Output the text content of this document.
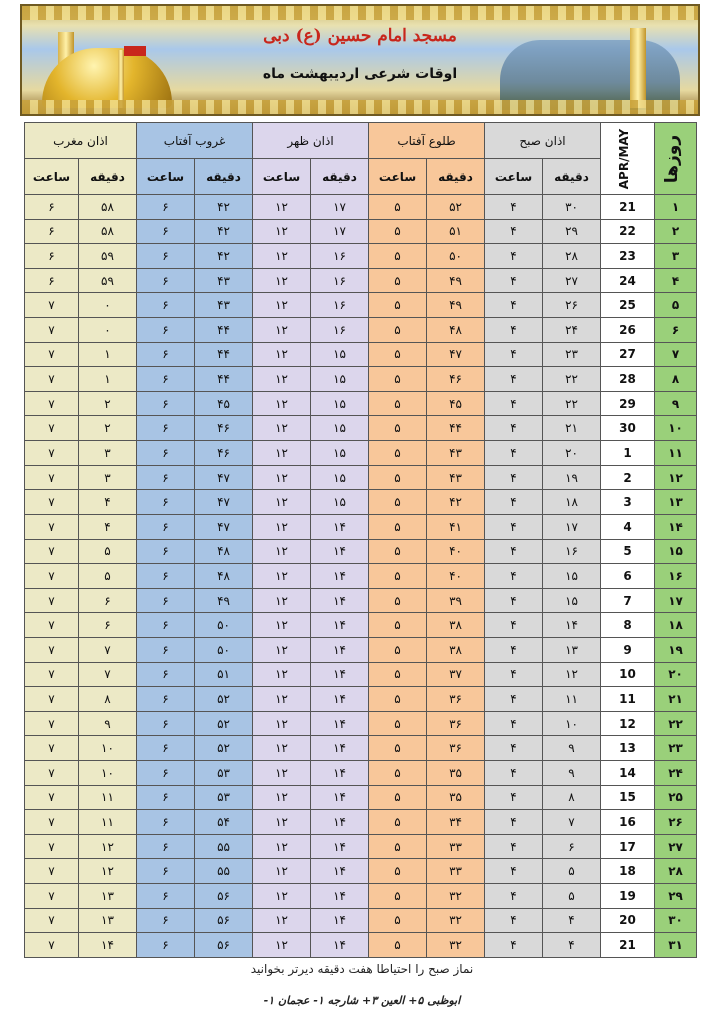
مسجد امام حسین (ع) دبی
اوقات شرعی اردیبهشت ماه
روزها	APR/MAY	اذان صبح		طلوع آفتاب		اذان ظهر		غروب آفتاب		اذان مغرب	
		دقیقه	ساعت	دقیقه	ساعت	دقیقه	ساعت	دقیقه	ساعت	دقیقه	ساعت
۱	21	۳۰	۴	۵۲	۵	۱۷	۱۲	۴۲	۶	۵۸	۶
۲	22	۲۹	۴	۵۱	۵	۱۷	۱۲	۴۲	۶	۵۸	۶
۳	23	۲۸	۴	۵۰	۵	۱۶	۱۲	۴۲	۶	۵۹	۶
۴	24	۲۷	۴	۴۹	۵	۱۶	۱۲	۴۳	۶	۵۹	۶
۵	25	۲۶	۴	۴۹	۵	۱۶	۱۲	۴۳	۶	۰	۷
۶	26	۲۴	۴	۴۸	۵	۱۶	۱۲	۴۴	۶	۰	۷
۷	27	۲۳	۴	۴۷	۵	۱۵	۱۲	۴۴	۶	۱	۷
۸	28	۲۲	۴	۴۶	۵	۱۵	۱۲	۴۴	۶	۱	۷
۹	29	۲۲	۴	۴۵	۵	۱۵	۱۲	۴۵	۶	۲	۷
۱۰	30	۲۱	۴	۴۴	۵	۱۵	۱۲	۴۶	۶	۲	۷
۱۱	1	۲۰	۴	۴۳	۵	۱۵	۱۲	۴۶	۶	۳	۷
۱۲	2	۱۹	۴	۴۳	۵	۱۵	۱۲	۴۷	۶	۳	۷
۱۳	3	۱۸	۴	۴۲	۵	۱۵	۱۲	۴۷	۶	۴	۷
۱۴	4	۱۷	۴	۴۱	۵	۱۴	۱۲	۴۷	۶	۴	۷
۱۵	5	۱۶	۴	۴۰	۵	۱۴	۱۲	۴۸	۶	۵	۷
۱۶	6	۱۵	۴	۴۰	۵	۱۴	۱۲	۴۸	۶	۵	۷
۱۷	7	۱۵	۴	۳۹	۵	۱۴	۱۲	۴۹	۶	۶	۷
۱۸	8	۱۴	۴	۳۸	۵	۱۴	۱۲	۵۰	۶	۶	۷
۱۹	9	۱۳	۴	۳۸	۵	۱۴	۱۲	۵۰	۶	۷	۷
۲۰	10	۱۲	۴	۳۷	۵	۱۴	۱۲	۵۱	۶	۷	۷
۲۱	11	۱۱	۴	۳۶	۵	۱۴	۱۲	۵۲	۶	۸	۷
۲۲	12	۱۰	۴	۳۶	۵	۱۴	۱۲	۵۲	۶	۹	۷
۲۳	13	۹	۴	۳۶	۵	۱۴	۱۲	۵۲	۶	۱۰	۷
۲۴	14	۹	۴	۳۵	۵	۱۴	۱۲	۵۳	۶	۱۰	۷
۲۵	15	۸	۴	۳۵	۵	۱۴	۱۲	۵۳	۶	۱۱	۷
۲۶	16	۷	۴	۳۴	۵	۱۴	۱۲	۵۴	۶	۱۱	۷
۲۷	17	۶	۴	۳۳	۵	۱۴	۱۲	۵۵	۶	۱۲	۷
۲۸	18	۵	۴	۳۳	۵	۱۴	۱۲	۵۵	۶	۱۲	۷
۲۹	19	۵	۴	۳۲	۵	۱۴	۱۲	۵۶	۶	۱۳	۷
۳۰	20	۴	۴	۳۲	۵	۱۴	۱۲	۵۶	۶	۱۳	۷
۳۱	21	۴	۴	۳۲	۵	۱۴	۱۲	۵۶	۶	۱۴	۷
نماز صبح را احتیاطا هفت دقیقه دیرتر بخوانید
ابوظبی ۵+ العین ۳+ شارجه ۱- عجمان ۱-
